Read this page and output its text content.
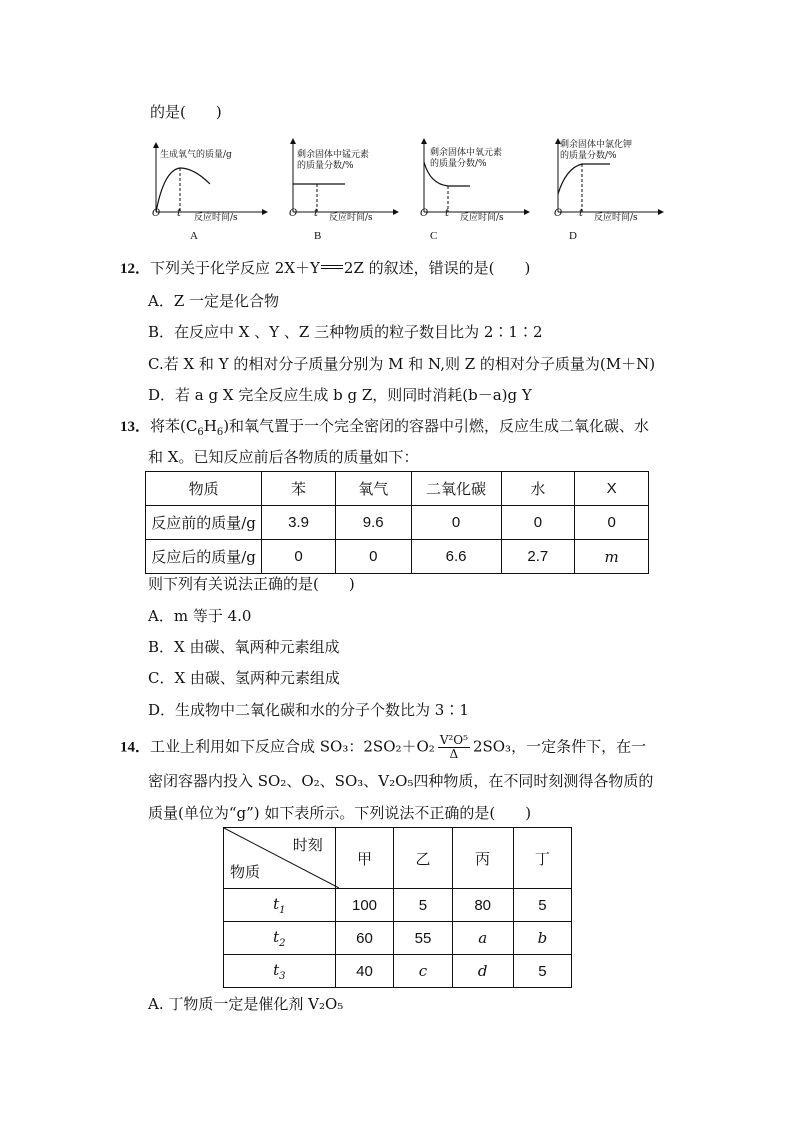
的是(　　)
生成氧气的质量/g
O t 反应时间/s
A
剩余固体中锰元素
的质量分数/%
O t 反应时间/s
B
剩余固体中氧元素
的质量分数/%
O t 反应时间/s
C
剩余固体中氯化钾
的质量分数/%
O t 反应时间/s
D
12．下列关于化学反应 2X＋Y 2Z 的叙述，错误的是(　　)
A．Z 一定是化合物
B．在反应中 X 、Y 、Z 三种物质的粒子数目比为 2∶1∶2
C.若 X 和 Y 的相对分子质量分别为 M 和 N,则 Z 的相对分子质量为(M＋N)
D．若 a g X 完全反应生成 b g Z，则同时消耗(b－a)g Y
13．将苯$(C_6H_6)$和氧气置于一个完全密闭的容器中引燃，反应生成二氧化碳、水
和 X。已知反应前后各物质的质量如下：
物质	苯	氧气	二氧化碳	水	X
反应前的质量/g	3.9	9.6	0	0	0
反应后的质量/g	0	0	6.6	2.7	m
则下列有关说法正确的是(　　)
A．m 等于 4.0
B．X 由碳、氧两种元素组成
C．X 由碳、氢两种元素组成
D．生成物中二氧化碳和水的分子个数比为 3∶1
14．工业上利用如下反应合成 SO₃：$2SO_2+O_2 \frac{\text{V²O⁵}}{\Delta} 2SO_3$，一定条件下，在一
密闭容器内投入 SO₂、O₂、SO₃、V₂O₅四种物质，在不同时刻测得各物质的
质量(单位为“g”) 如下表所示。下列说法不正确的是(　　)
时刻
物质	甲	乙	丙	丁
$t_1$	100	5	80	5
$t_2$	60	55	a	b
$t_3$	40	c	d	5
A. 丁物质一定是催化剂 V₂O₅
